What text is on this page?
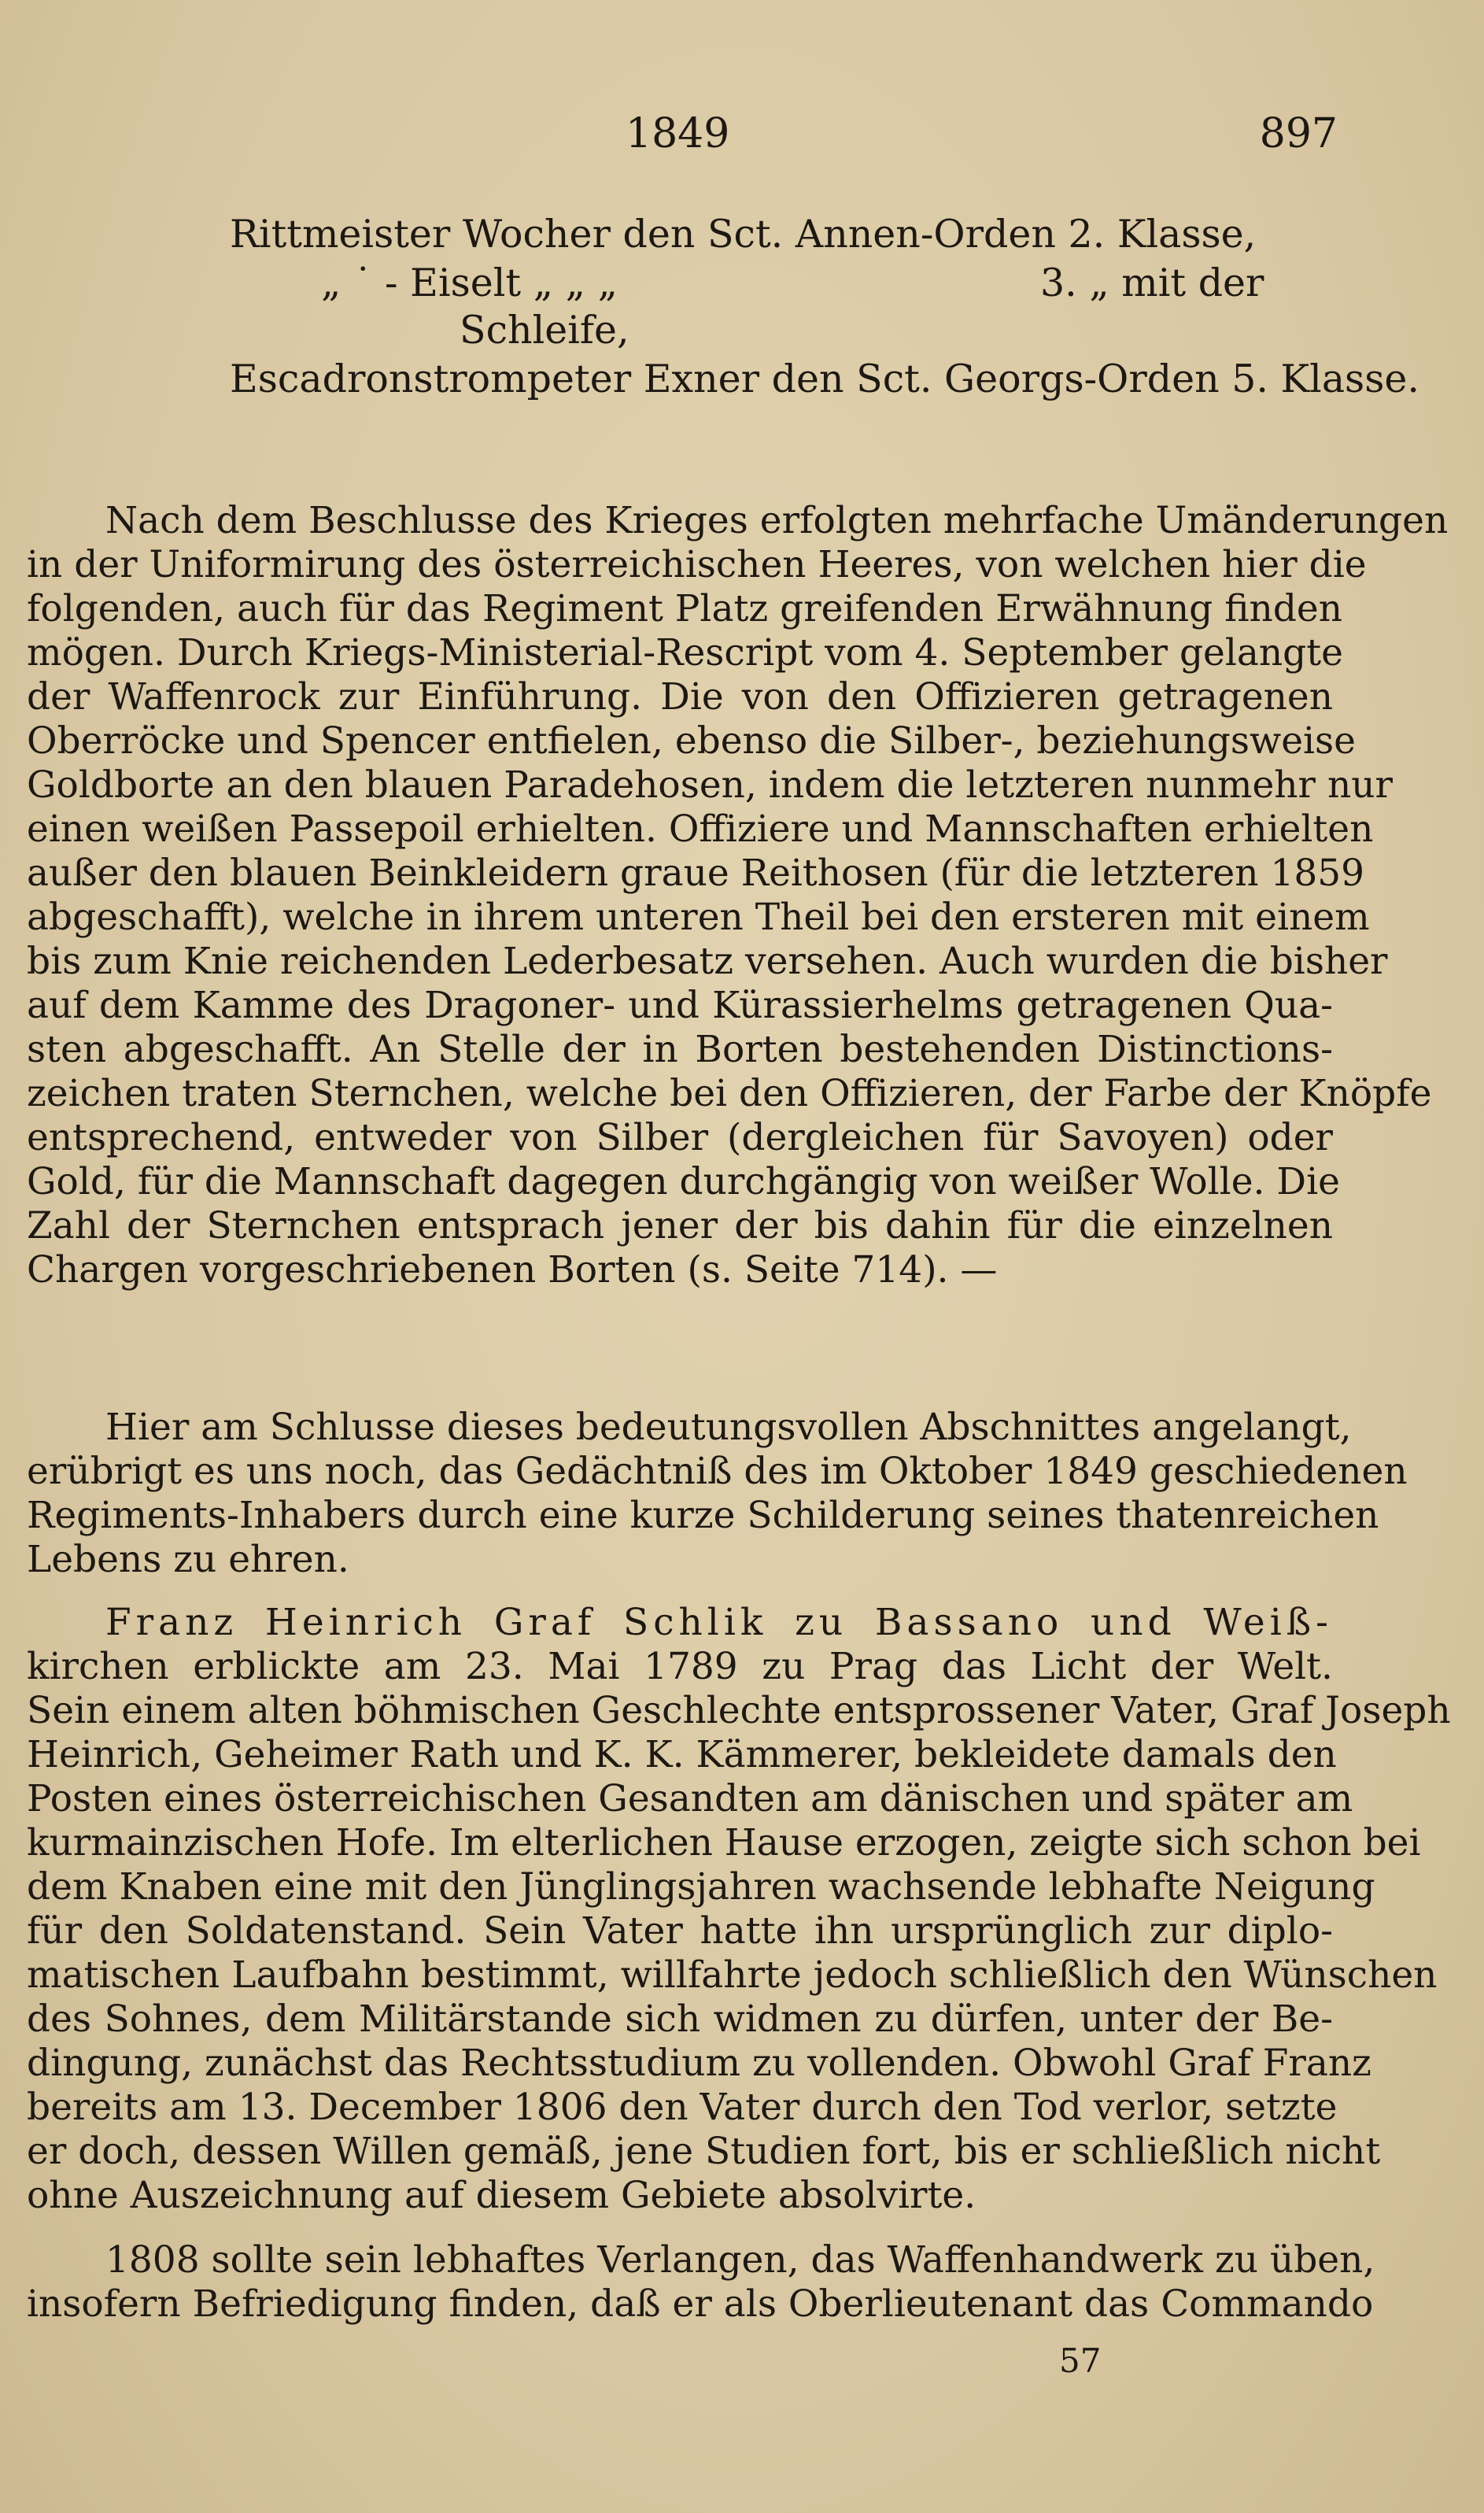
1849	897
Rittmeister Wocher den Sct. Annen-Orden 2. Klasse,
„ ˙ - Eiselt „ „ „	3. „ mit der
Schleife,
Escadronstrompeter Exner den Sct. Georgs-Orden 5. Klasse.
Nach dem Beschlusse des Krieges erfolgten mehrfache Umänderungen
in der Uniformirung des österreichischen Heeres, von welchen hier die
folgenden, auch für das Regiment Platz greifenden Erwähnung finden
mögen. Durch Kriegs-Ministerial-Rescript vom 4. September gelangte
der Waffenrock zur Einführung. Die von den Offizieren getragenen
Oberröcke und Spencer entfielen, ebenso die Silber-, beziehungsweise
Goldborte an den blauen Paradehosen, indem die letzteren nunmehr nur
einen weißen Passepoil erhielten. Offiziere und Mannschaften erhielten
außer den blauen Beinkleidern graue Reithosen (für die letzteren 1859
abgeschafft), welche in ihrem unteren Theil bei den ersteren mit einem
bis zum Knie reichenden Lederbesatz versehen. Auch wurden die bisher
auf dem Kamme des Dragoner- und Kürassierhelms getragenen Qua-
sten abgeschafft. An Stelle der in Borten bestehenden Distinctions-
zeichen traten Sternchen, welche bei den Offizieren, der Farbe der Knöpfe
entsprechend, entweder von Silber (dergleichen für Savoyen) oder
Gold, für die Mannschaft dagegen durchgängig von weißer Wolle. Die
Zahl der Sternchen entsprach jener der bis dahin für die einzelnen
Chargen vorgeschriebenen Borten (s. Seite 714). —
Hier am Schlusse dieses bedeutungsvollen Abschnittes angelangt,
erübrigt es uns noch, das Gedächtniß des im Oktober 1849 geschiedenen
Regiments-Inhabers durch eine kurze Schilderung seines thatenreichen
Lebens zu ehren.
Franz Heinrich Graf Schlik zu Bassano und Weiß-
kirchen erblickte am 23. Mai 1789 zu Prag das Licht der Welt.
Sein einem alten böhmischen Geschlechte entsprossener Vater, Graf Joseph
Heinrich, Geheimer Rath und K. K. Kämmerer, bekleidete damals den
Posten eines österreichischen Gesandten am dänischen und später am
kurmainzischen Hofe. Im elterlichen Hause erzogen, zeigte sich schon bei
dem Knaben eine mit den Jünglingsjahren wachsende lebhafte Neigung
für den Soldatenstand. Sein Vater hatte ihn ursprünglich zur diplo-
matischen Laufbahn bestimmt, willfahrte jedoch schließlich den Wünschen
des Sohnes, dem Militärstande sich widmen zu dürfen, unter der Be-
dingung, zunächst das Rechtsstudium zu vollenden. Obwohl Graf Franz
bereits am 13. December 1806 den Vater durch den Tod verlor, setzte
er doch, dessen Willen gemäß, jene Studien fort, bis er schließlich nicht
ohne Auszeichnung auf diesem Gebiete absolvirte.
1808 sollte sein lebhaftes Verlangen, das Waffenhandwerk zu üben,
insofern Befriedigung finden, daß er als Oberlieutenant das Commando
57
